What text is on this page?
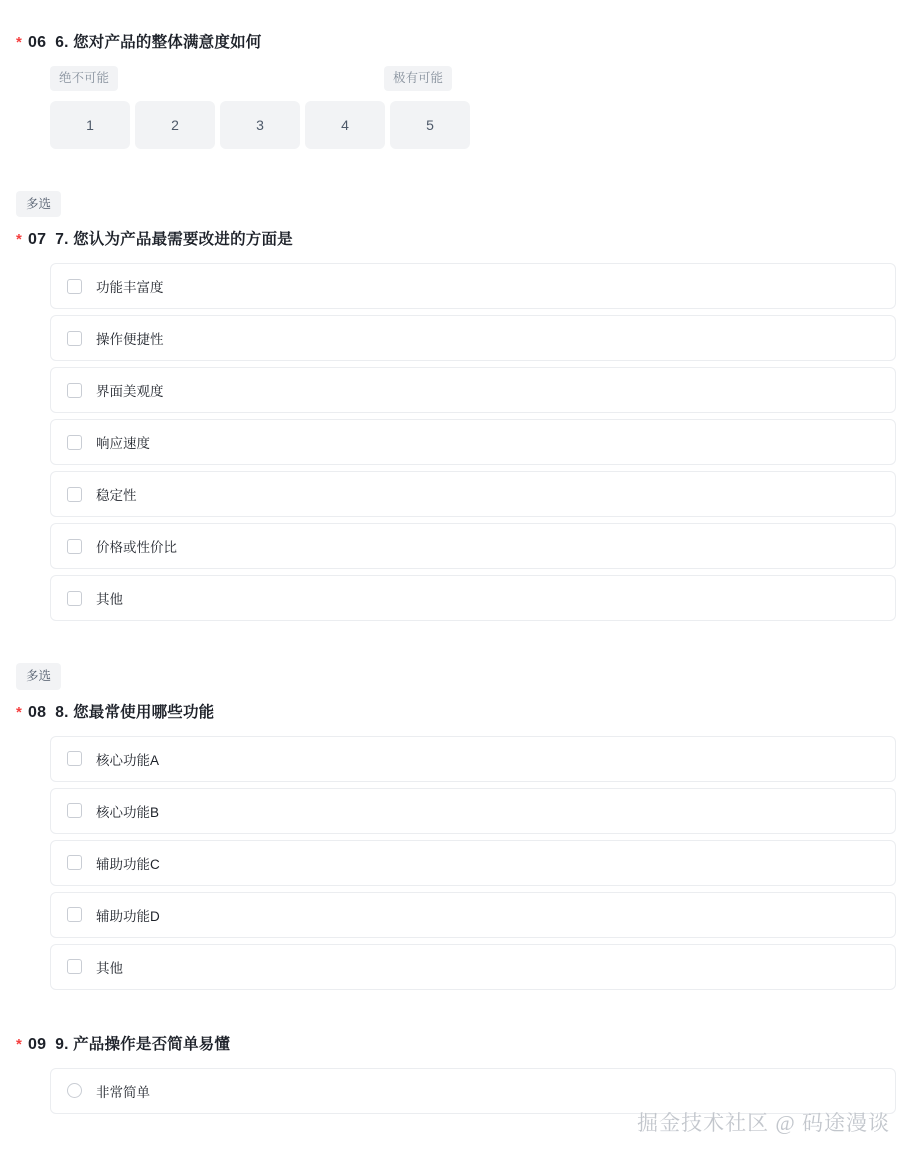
* 06 6. 您对产品的整体满意度如何
绝不可能	极有可能
1	2	3	4	5
多选
* 07 7. 您认为产品最需要改进的方面是
功能丰富度
操作便捷性
界面美观度
响应速度
稳定性
价格或性价比
其他
多选
* 08 8. 您最常使用哪些功能
核心功能A
核心功能B
辅助功能C
辅助功能D
其他
* 09 9. 产品操作是否简单易懂
非常简单
掘金技术社区 @ 码途漫谈
